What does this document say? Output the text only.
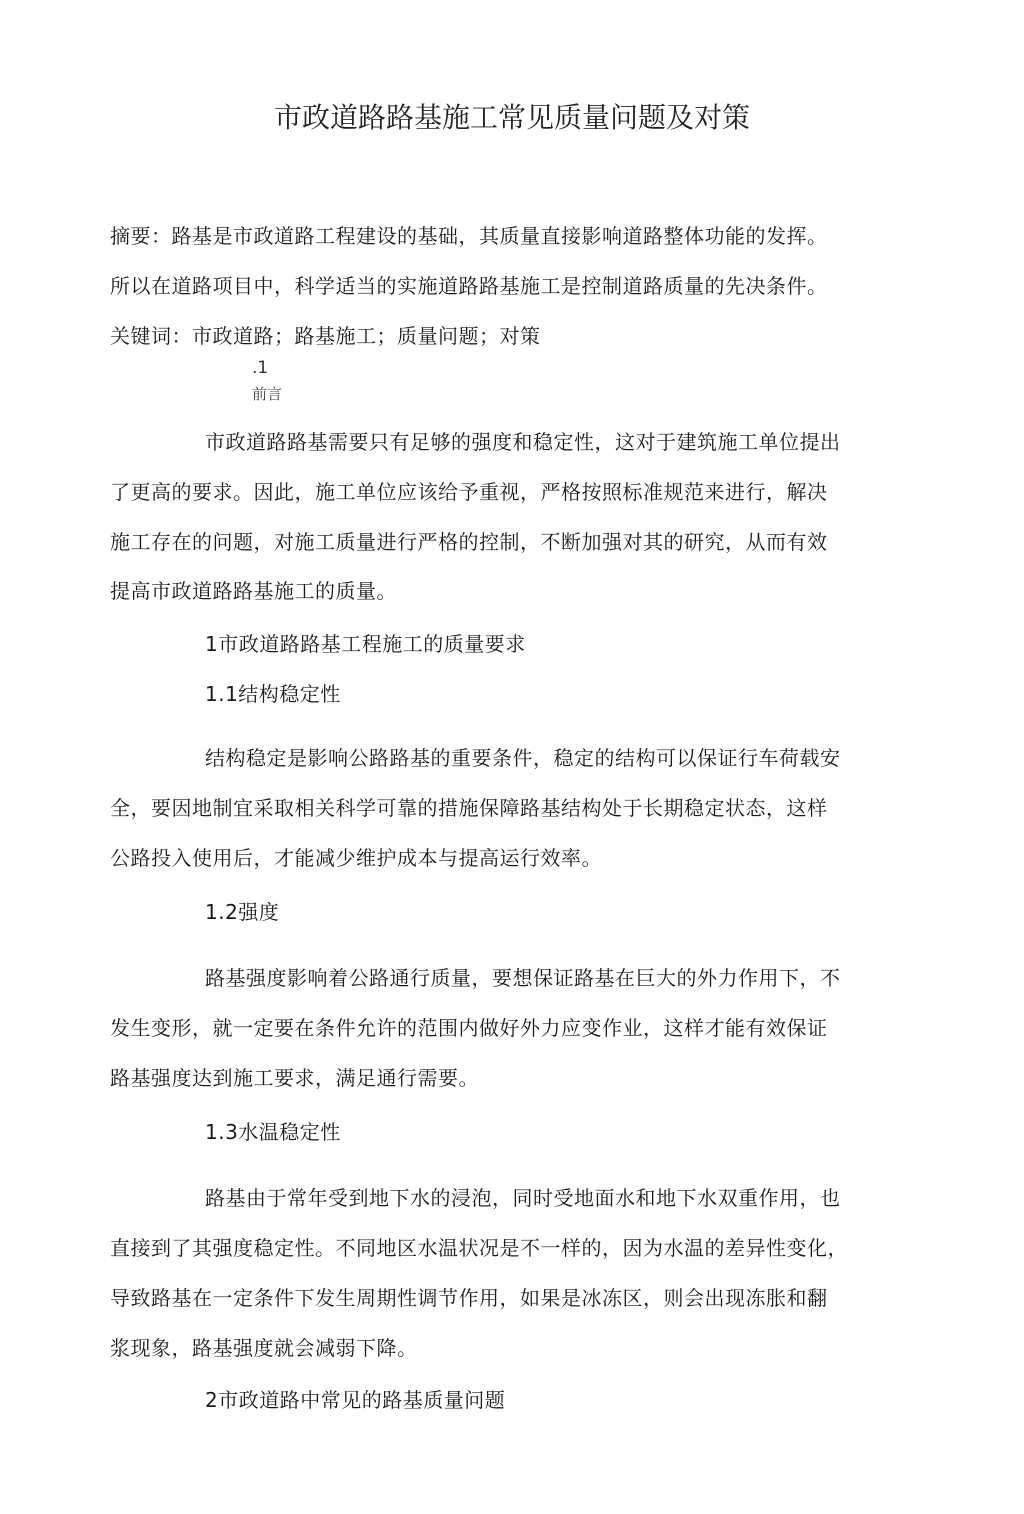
市政道路路基施工常见质量问题及对策
摘要：路基是市政道路工程建设的基础，其质量直接影响道路整体功能的发挥。
所以在道路项目中，科学适当的实施道路路基施工是控制道路质量的先决条件。
关键词：市政道路；路基施工；质量问题；对策
.1
前言
市政道路路基需要只有足够的强度和稳定性，这对于建筑施工单位提出
了更高的要求。因此，施工单位应该给予重视，严格按照标准规范来进行，解决
施工存在的问题，对施工质量进行严格的控制，不断加强对其的研究，从而有效
提高市政道路路基施工的质量。
1市政道路路基工程施工的质量要求
1.1结构稳定性
结构稳定是影响公路路基的重要条件，稳定的结构可以保证行车荷载安
全，要因地制宜采取相关科学可靠的措施保障路基结构处于长期稳定状态，这样
公路投入使用后，才能减少维护成本与提高运行效率。
1.2强度
路基强度影响着公路通行质量，要想保证路基在巨大的外力作用下，不
发生变形，就一定要在条件允许的范围内做好外力应变作业，这样才能有效保证
路基强度达到施工要求，满足通行需要。
1.3水温稳定性
路基由于常年受到地下水的浸泡，同时受地面水和地下水双重作用，也
直接到了其强度稳定性。不同地区水温状况是不一样的，因为水温的差异性变化，
导致路基在一定条件下发生周期性调节作用，如果是冰冻区，则会出现冻胀和翻
浆现象，路基强度就会减弱下降。
2市政道路中常见的路基质量问题
